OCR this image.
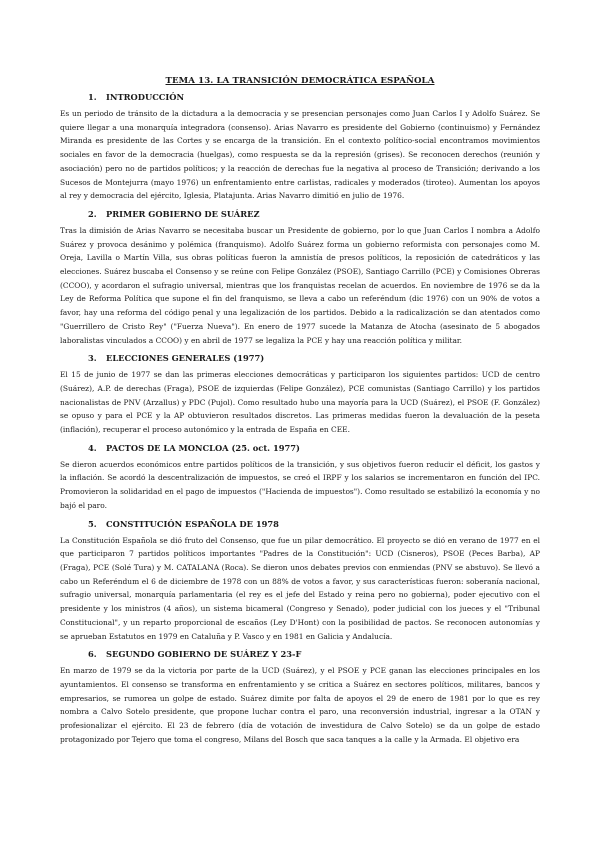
TEMA 13. LA TRANSICIÓN DEMOCRÁTICA ESPAÑOLA
1.	INTRODUCCIÓN

Es un periodo de tránsito de la dictadura a la democracia y se presencian personajes como Juan Carlos I y Adolfo Suárez. Se quiere llegar a una monarquía integradora (consenso). Arias Navarro es presidente del Gobierno (continuismo) y Fernández Miranda es presidente de las Cortes y se encarga de la transición. En el contexto político-social encontramos movimientos sociales en favor de la democracia (huelgas), como respuesta se da la represión (grises). Se reconocen derechos (reunión y asociación) pero no de partidos políticos; y la reacción de derechas fue la negativa al proceso de Transición; derivando a los Sucesos de Montejurra (mayo 1976) un enfrentamiento entre carlistas, radicales y moderados (tiroteo). Aumentan los apoyos al rey y democracia del ejército, Iglesia, Platajunta. Arias Navarro dimitió en julio de 1976.

2.	PRIMER GOBIERNO DE SUÁREZ

Tras la dimisión de Arias Navarro se necesitaba buscar un Presidente de gobierno, por lo que Juan Carlos I nombra a Adolfo Suárez y provoca desánimo y polémica (franquismo). Adolfo Suárez forma un gobierno reformista con personajes como M. Oreja, Lavilla o Martín Villa, sus obras políticas fueron la amnistía de presos políticos, la reposición de catedráticos y las elecciones. Suárez buscaba el Consenso y se reúne con Felipe González (PSOE), Santiago Carrillo (PCE) y Comisiones Obreras (CCOO), y acordaron el sufragio universal, mientras que los franquistas recelan de acuerdos. En noviembre de 1976 se da la Ley de Reforma Política que supone el fin del franquismo, se lleva a cabo un referéndum (dic 1976) con un 90% de votos a favor, hay una reforma del código penal y una legalización de los partidos. Debido a la radicalización se dan atentados como "Guerrillero de Cristo Rey" ("Fuerza Nueva"). En enero de 1977 sucede la Matanza de Atocha (asesinato de 5 abogados laboralistas vinculados a CCOO) y en abril de 1977 se legaliza la PCE y hay una reacción política y militar.

3.	ELECCIONES GENERALES (1977)

El 15 de junio de 1977 se dan las primeras elecciones democráticas y participaron los siguientes partidos: UCD de centro (Suárez), A.P. de derechas (Fraga), PSOE de izquierdas (Felipe González), PCE comunistas (Santiago Carrillo) y los partidos nacionalistas de PNV (Arzallus) y PDC (Pujol). Como resultado hubo una mayoría para la UCD (Suárez), el PSOE (F. González) se opuso y para el PCE y la AP obtuvieron resultados discretos. Las primeras medidas fueron la devaluación de la peseta (inflación), recuperar el proceso autonómico y la entrada de España en CEE.

4.	PACTOS DE LA MONCLOA (25. oct. 1977)

Se dieron acuerdos económicos entre partidos políticos de la transición, y sus objetivos fueron reducir el déficit, los gastos y la inflación. Se acordó la descentralización de impuestos, se creó el IRPF y los salarios se incrementaron en función del IPC. Promovieron la solidaridad en el pago de impuestos ("Hacienda de impuestos"). Como resultado se estabilizó la economía y no bajó el paro.

5.	CONSTITUCIÓN ESPAÑOLA DE 1978

La Constitución Española se dió fruto del Consenso, que fue un pilar democrático. El proyecto se dió en verano de 1977 en el que participaron 7 partidos políticos importantes "Padres de la Constitución": UCD (Cisneros), PSOE (Peces Barba), AP (Fraga), PCE (Solé Tura) y M. CATALANA (Roca). Se dieron unos debates previos con enmiendas (PNV se abstuvo). Se llevó a cabo un Referéndum el 6 de diciembre de 1978 con un 88% de votos a favor, y sus características fueron: soberanía nacional, sufragio universal, monarquía parlamentaria (el rey es el jefe del Estado y reina pero no gobierna), poder ejecutivo con el presidente y los ministros (4 años), un sistema bicameral (Congreso y Senado), poder judicial con los jueces y el "Tribunal Constitucional", y un reparto proporcional de escaños (Ley D'Hont) con la posibilidad de pactos. Se reconocen autonomías y se aprueban Estatutos en 1979 en Cataluña y P. Vasco y en 1981 en Galicia y Andalucía.

6.	SEGUNDO GOBIERNO DE SUÁREZ Y 23-F

En marzo de 1979 se da la victoria por parte de la UCD (Suárez), y el PSOE y PCE ganan las elecciones principales en los ayuntamientos. El consenso se transforma en enfrentamiento y se critica a Suárez en sectores políticos, militares, bancos y empresarios, se rumorea un golpe de estado. Suárez dimite por falta de apoyos el 29 de enero de 1981 por lo que es rey nombra a Calvo Sotelo presidente, que propone luchar contra el paro, una reconversión industrial, ingresar a la OTAN y profesionalizar el ejército. El 23 de febrero (día de votación de investidura de Calvo Sotelo) se da un golpe de estado protagonizado por Tejero que toma el congreso, Milans del Bosch que saca tanques a la calle y la Armada. El objetivo era
